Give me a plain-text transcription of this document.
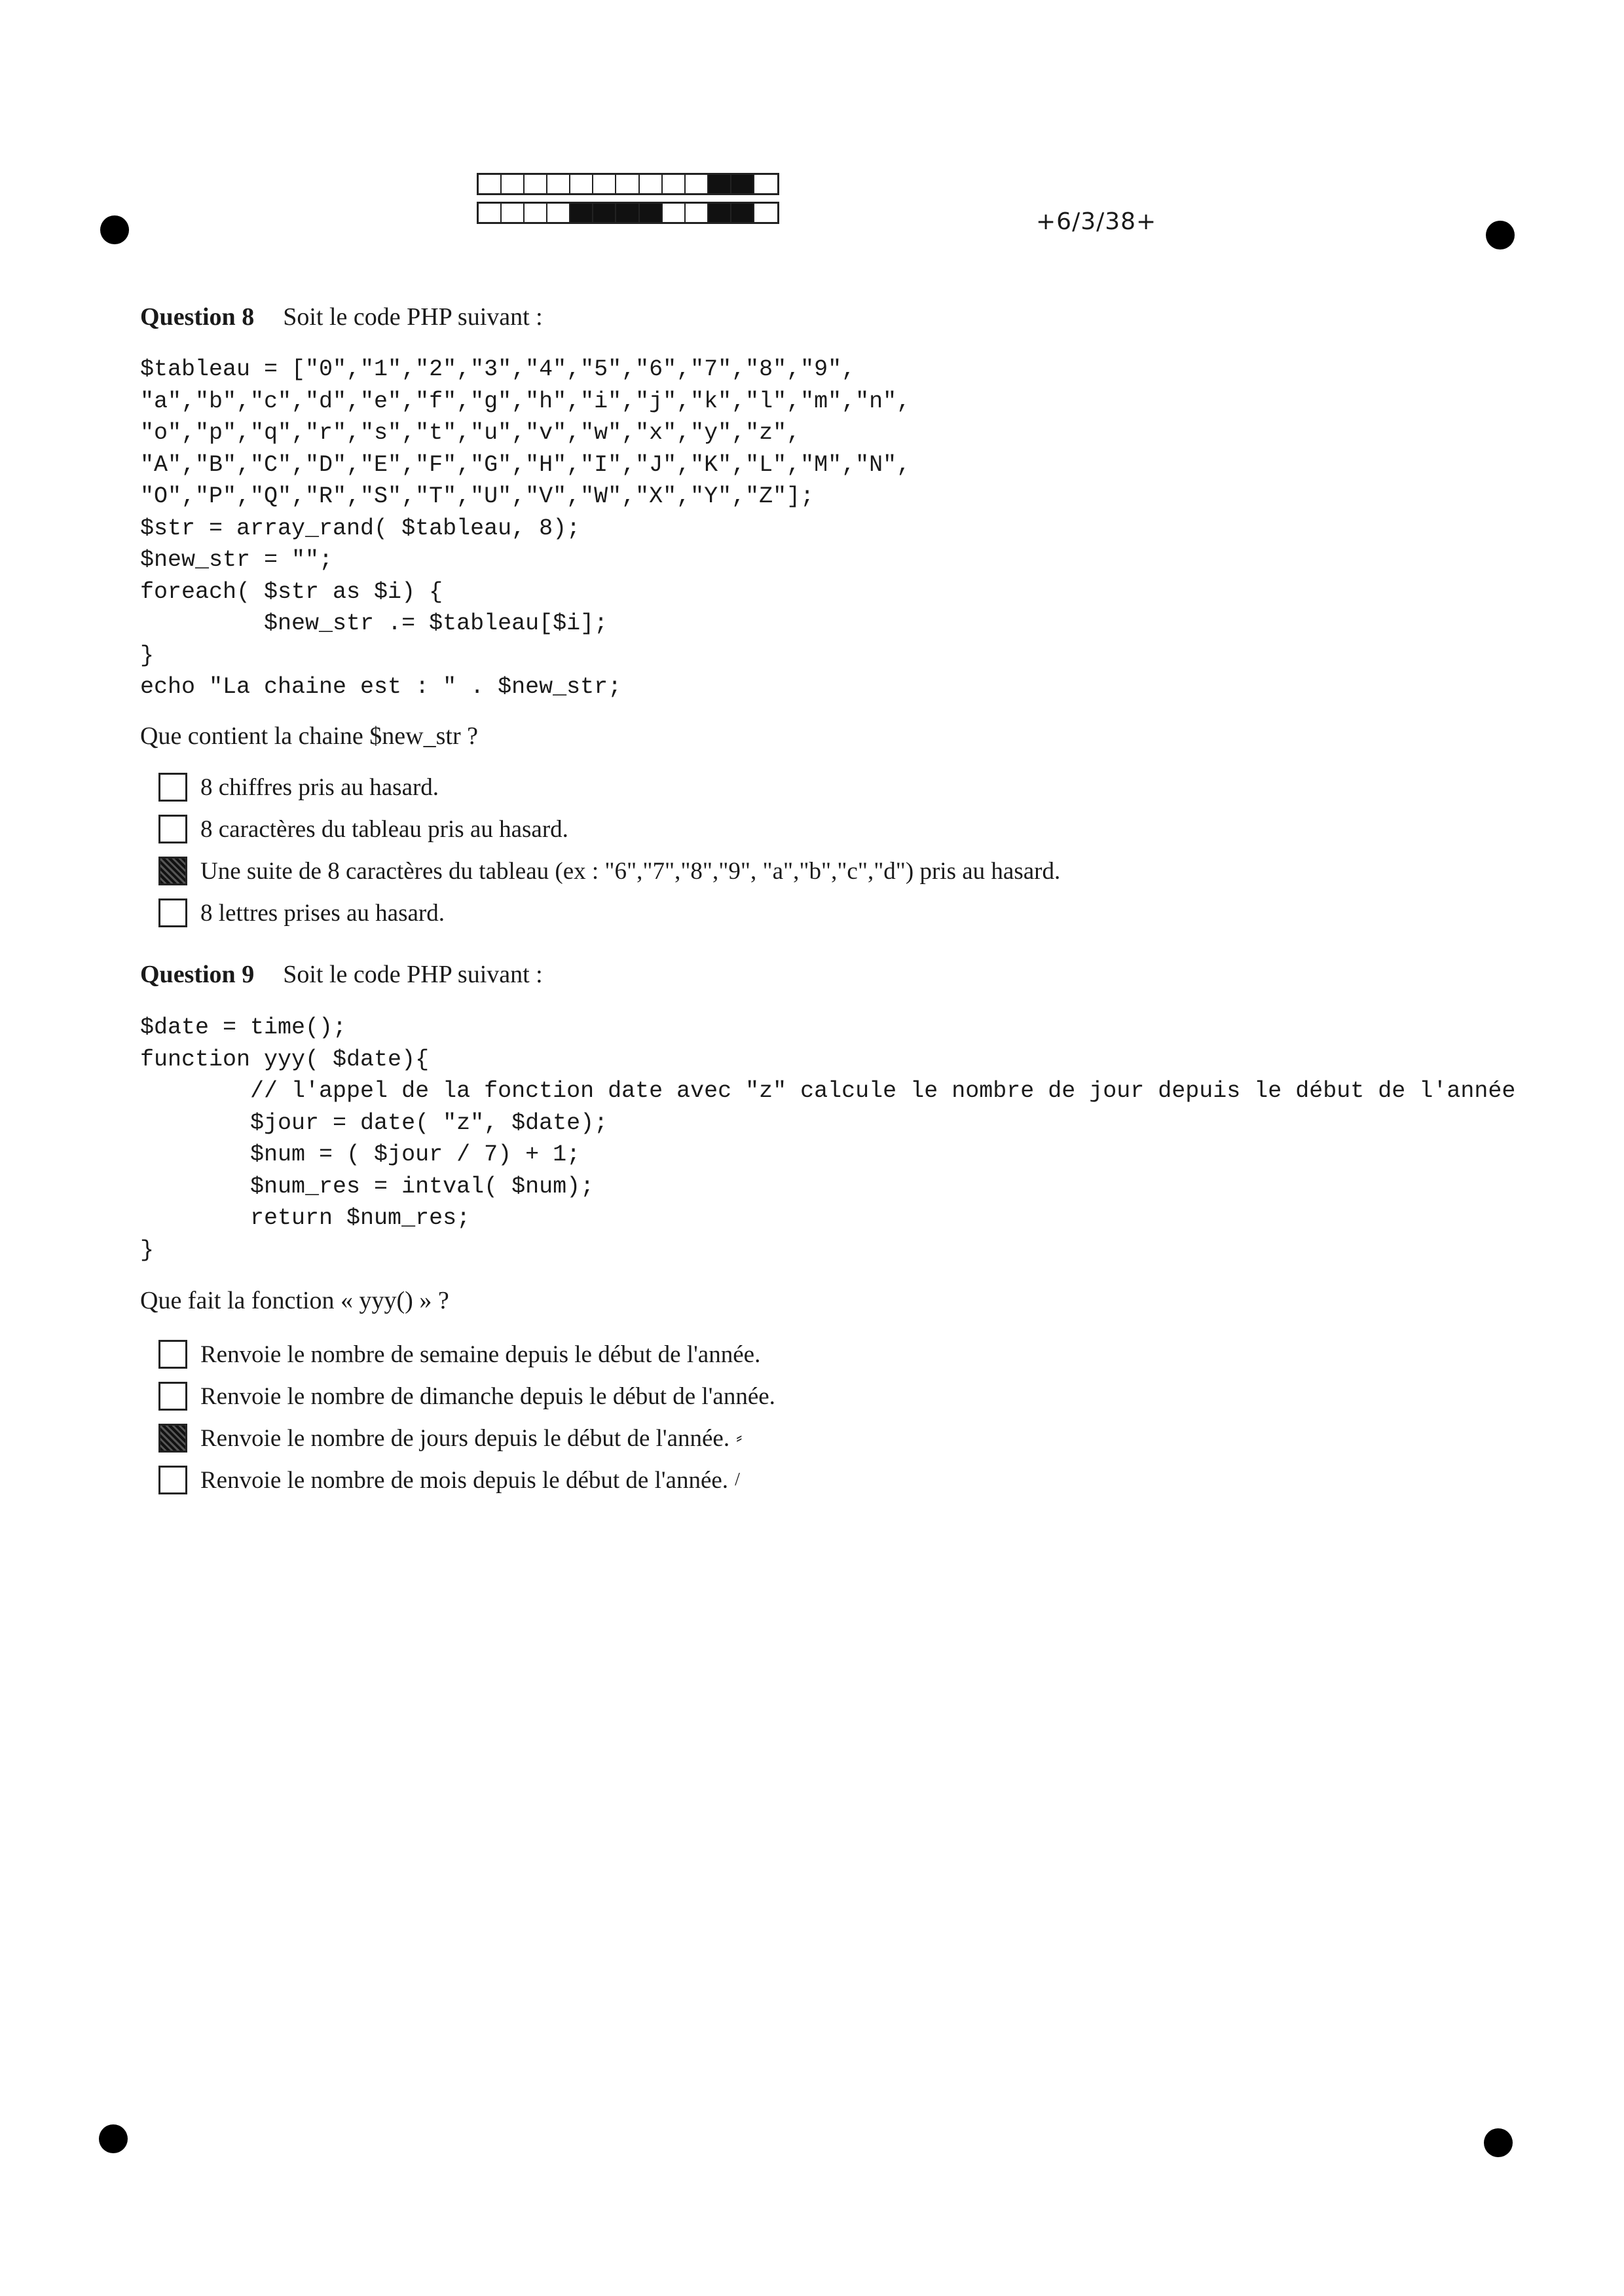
+6/3/38+
Question 8 Soit le code PHP suivant :
$tableau = ["0","1","2","3","4","5","6","7","8","9",
"a","b","c","d","e","f","g","h","i","j","k","l","m","n",
"o","p","q","r","s","t","u","v","w","x","y","z",
"A","B","C","D","E","F","G","H","I","J","K","L","M","N",
"O","P","Q","R","S","T","U","V","W","X","Y","Z"];
$str = array_rand( $tableau, 8);
$new_str = "";
foreach( $str as $i) {
$new_str .= $tableau[$i];
}
echo "La chaine est : " . $new_str;
Que contient la chaine $new_str ?
8 chiffres pris au hasard.
8 caractères du tableau pris au hasard.
Une suite de 8 caractères du tableau (ex : "6","7","8","9", "a","b","c","d") pris au hasard.
8 lettres prises au hasard.
Question 9 Soit le code PHP suivant :
$date = time();
function yyy( $date){
// l'appel de la fonction date avec "z" calcule le nombre de jour depuis le début de l'année
$jour = date( "z", $date);
$num = ( $jour / 7) + 1;
$num_res = intval( $num);
return $num_res;
}
Que fait la fonction « yyy() » ?
Renvoie le nombre de semaine depuis le début de l'année.
Renvoie le nombre de dimanche depuis le début de l'année.
Renvoie le nombre de jours depuis le début de l'année. ⸗
Renvoie le nombre de mois depuis le début de l'année. /
